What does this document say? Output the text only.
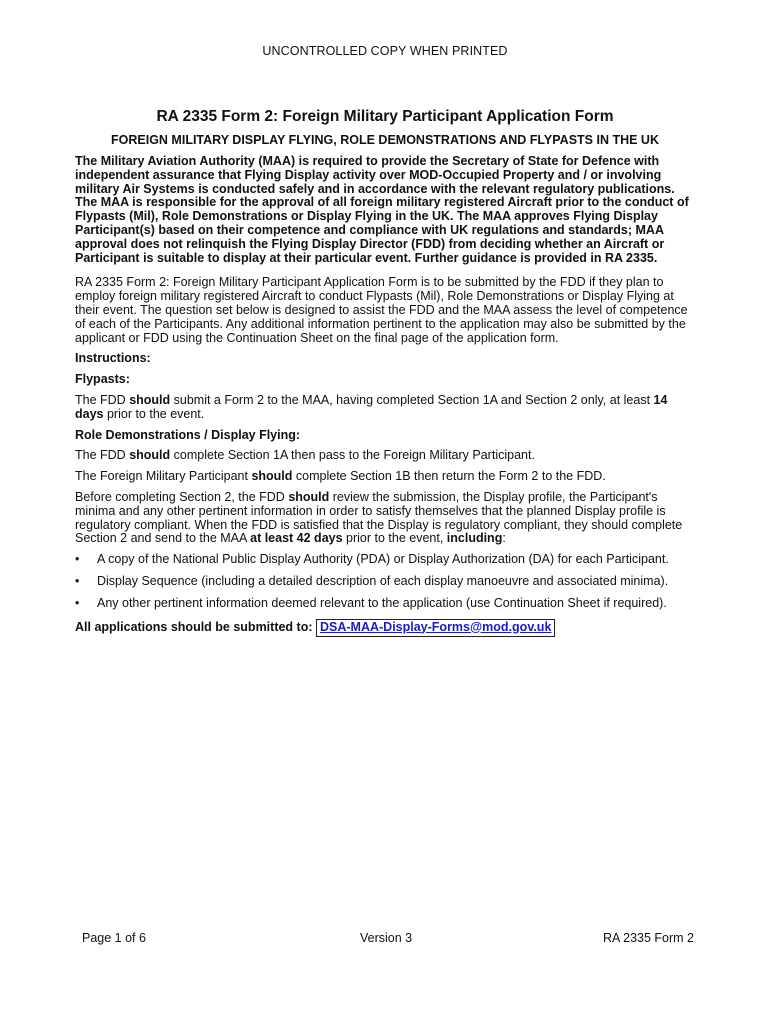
UNCONTROLLED COPY WHEN PRINTED
RA 2335 Form 2: Foreign Military Participant Application Form
FOREIGN MILITARY DISPLAY FLYING, ROLE DEMONSTRATIONS AND FLYPASTS IN THE UK

The Military Aviation Authority (MAA) is required to provide the Secretary of State for Defence with independent assurance that Flying Display activity over MOD-Occupied Property and / or involving military Air Systems is conducted safely and in accordance with the relevant regulatory publications. The MAA is responsible for the approval of all foreign military registered Aircraft prior to the conduct of Flypasts (Mil), Role Demonstrations or Display Flying in the UK. The MAA approves Flying Display Participant(s) based on their competence and compliance with UK regulations and standards; MAA approval does not relinquish the Flying Display Director (FDD) from deciding whether an Aircraft or Participant is suitable to display at their particular event. Further guidance is provided in RA 2335.

RA 2335 Form 2: Foreign Military Participant Application Form is to be submitted by the FDD if they plan to employ foreign military registered Aircraft to conduct Flypasts (Mil), Role Demonstrations or Display Flying at their event. The question set below is designed to assist the FDD and the MAA assess the level of competence of each of the Participants. Any additional information pertinent to the application may also be submitted by the applicant or FDD using the Continuation Sheet on the final page of the application form.

Instructions:
Flypasts:

The FDD should submit a Form 2 to the MAA, having completed Section 1A and Section 2 only, at least 14 days prior to the event.

Role Demonstrations / Display Flying:

The FDD should complete Section 1A then pass to the Foreign Military Participant.

The Foreign Military Participant should complete Section 1B then return the Form 2 to the FDD.

Before completing Section 2, the FDD should review the submission, the Display profile, the Participant's minima and any other pertinent information in order to satisfy themselves that the planned Display profile is regulatory compliant. When the FDD is satisfied that the Display is regulatory compliant, they should complete Section 2 and send to the MAA at least 42 days prior to the event, including:

• A copy of the National Public Display Authority (PDA) or Display Authorization (DA) for each Participant.
• Display Sequence (including a detailed description of each display manoeuvre and associated minima).
• Any other pertinent information deemed relevant to the application (use Continuation Sheet if required).
All applications should be submitted to: DSA-MAA-Display-Forms@mod.gov.uk
Page 1 of 6	Version 3	RA 2335 Form 2
